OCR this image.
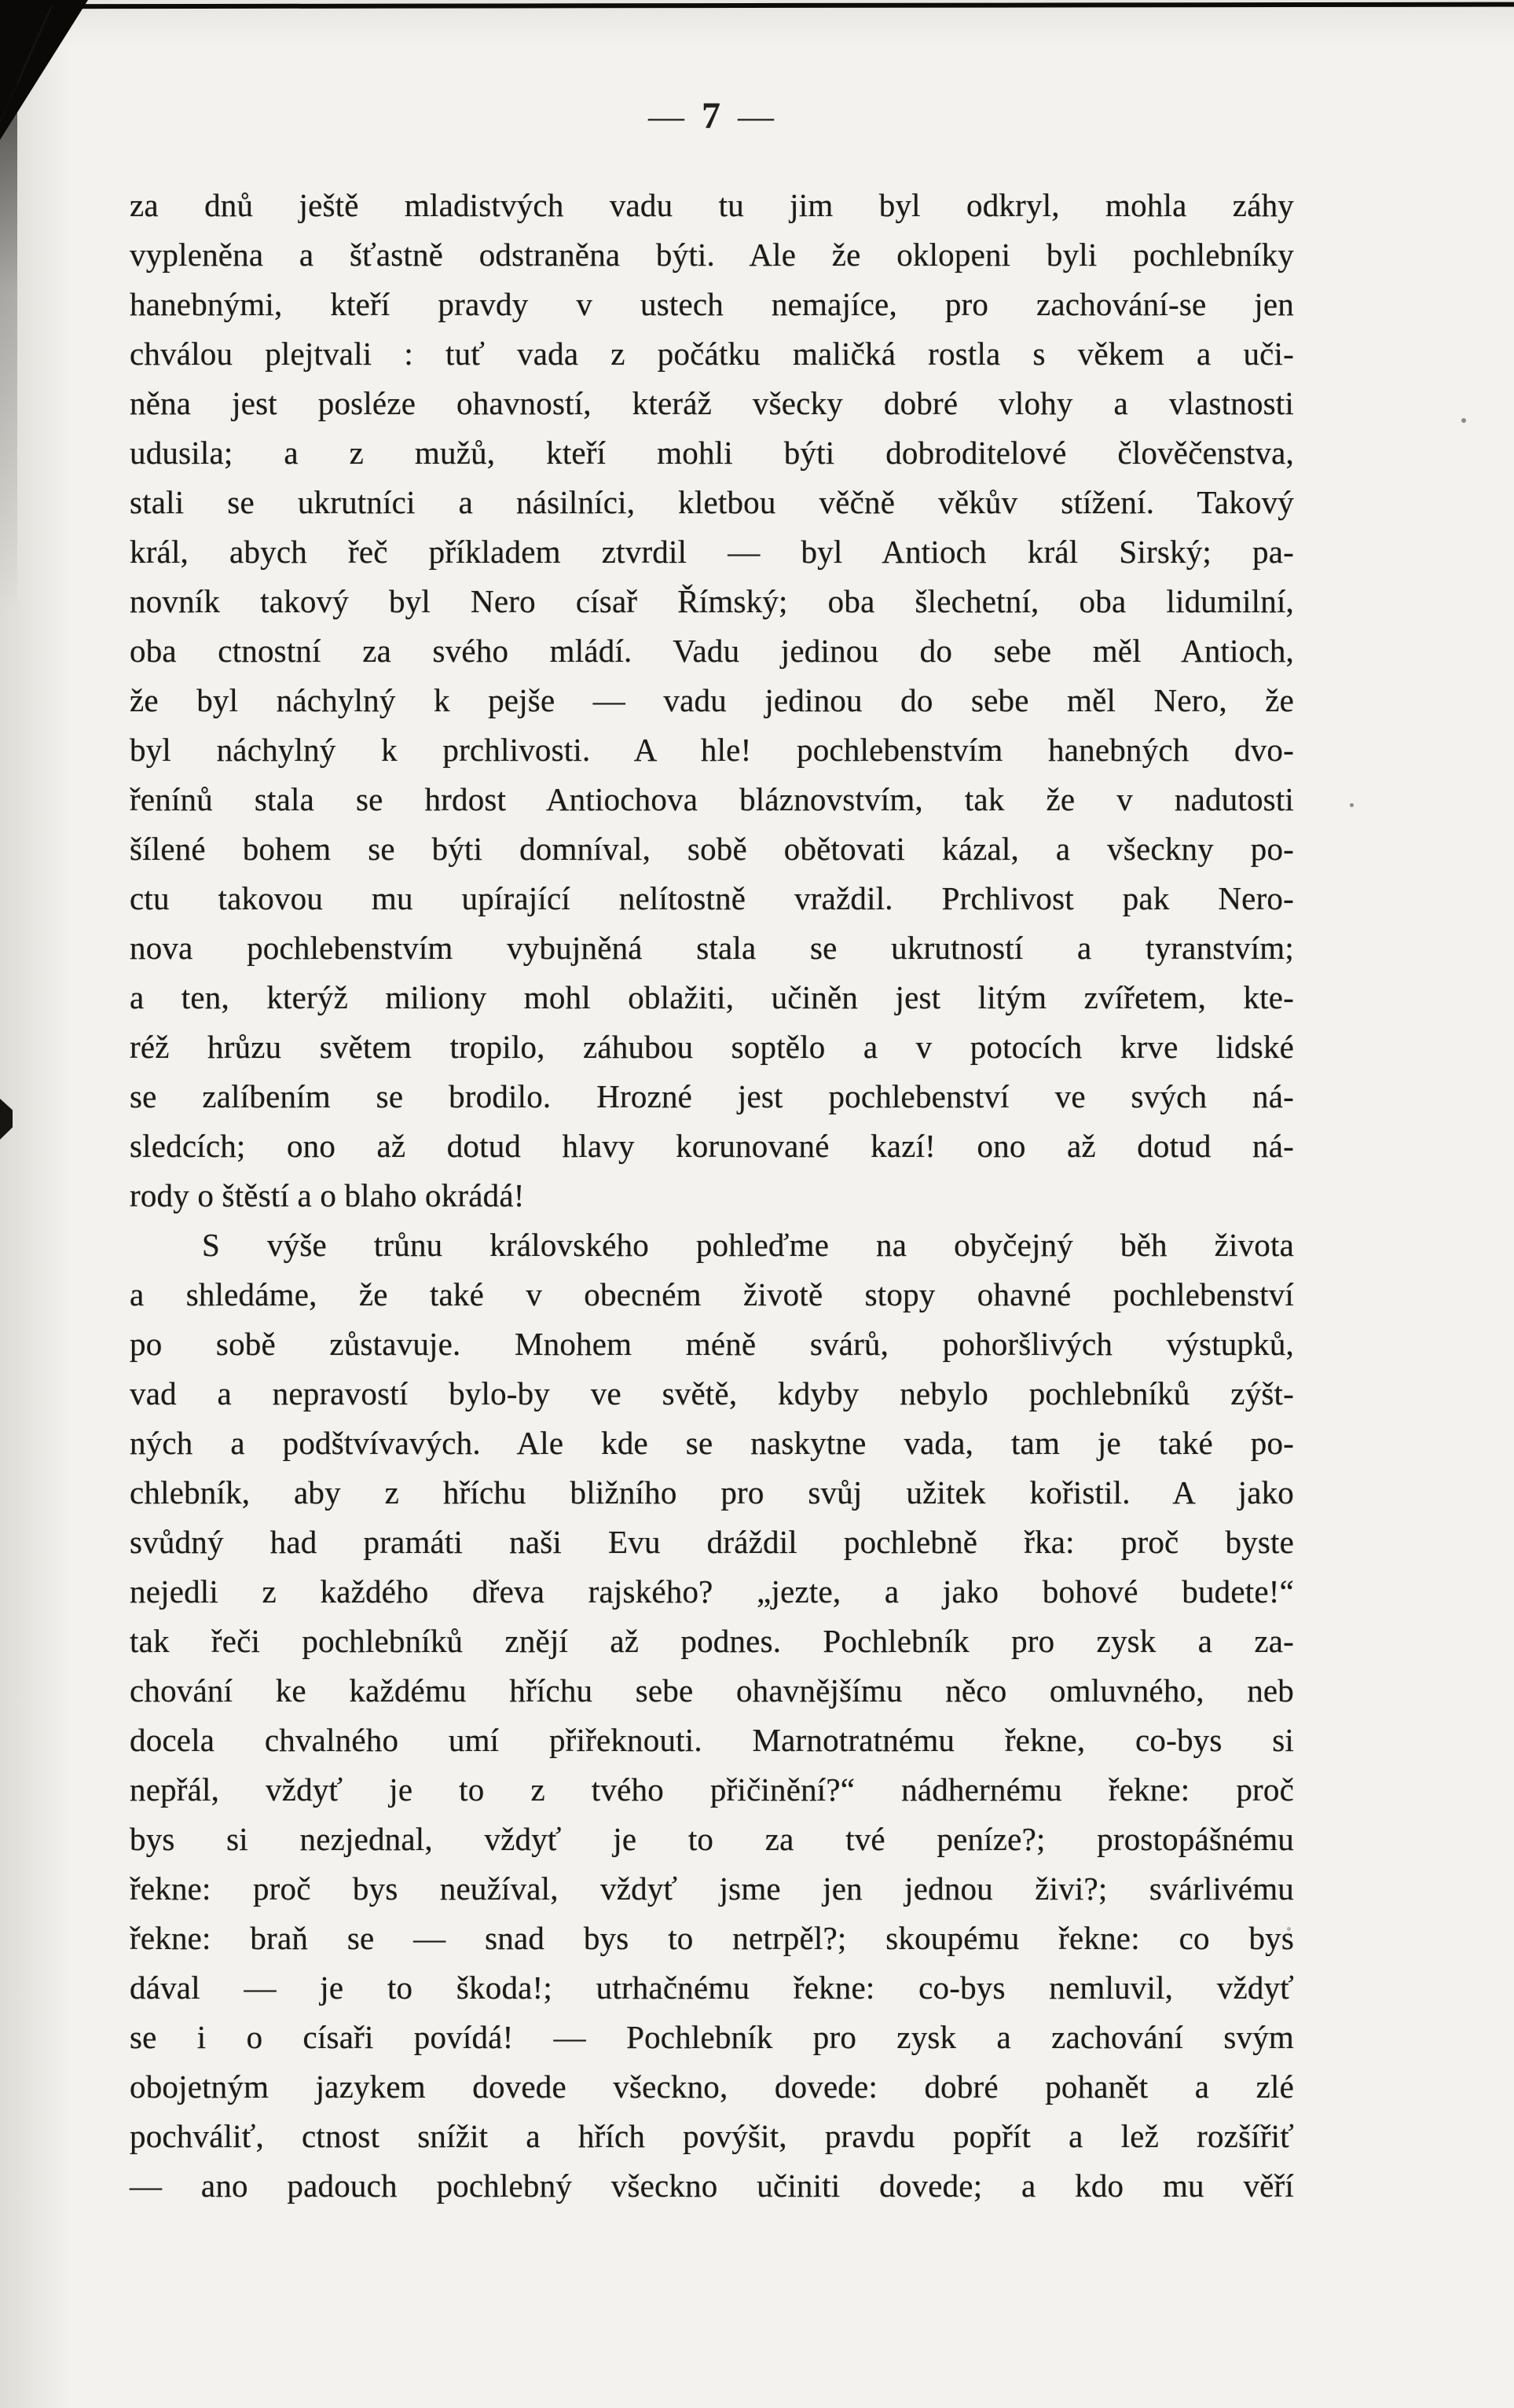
— 7 —
za dnů ještě mladistvých vadu tu jim byl odkryl, mohla záhy
vypleněna a šťastně odstraněna býti. Ale že oklopeni byli pochlebníky
hanebnými, kteří pravdy v ustech nemajíce, pro zachování-se jen
chválou plejtvali : tuť vada z počátku maličká rostla s věkem a uči-
něna jest posléze ohavností, kteráž všecky dobré vlohy a vlastnosti
udusila; a z mužů, kteří mohli býti dobroditelové člověčenstva,
stali se ukrutníci a násilníci, kletbou věčně věkův stížení. Takový
král, abych řeč příkladem ztvrdil — byl Antioch král Sirský; pa-
novník takový byl Nero císař Římský; oba šlechetní, oba lidumilní,
oba ctnostní za svého mládí. Vadu jedinou do sebe měl Antioch,
že byl náchylný k pejše — vadu jedinou do sebe měl Nero, že
byl náchylný k prchlivosti. A hle! pochlebenstvím hanebných dvo-
řenínů stala se hrdost Antiochova bláznovstvím, tak že v nadutosti
šílené bohem se býti domníval, sobě obětovati kázal, a všeckny po-
ctu takovou mu upírající nelítostně vraždil. Prchlivost pak Nero-
nova pochlebenstvím vybujněná stala se ukrutností a tyranstvím;
a ten, kterýž miliony mohl oblažiti, učiněn jest litým zvířetem, kte-
réž hrůzu světem tropilo, záhubou soptělo a v potocích krve lidské
se zalíbením se brodilo. Hrozné jest pochlebenství ve svých ná-
sledcích; ono až dotud hlavy korunované kazí! ono až dotud ná-
rody o štěstí a o blaho okrádá!
S výše trůnu královského pohleďme na obyčejný běh života
a shledáme, že také v obecném životě stopy ohavné pochlebenství
po sobě zůstavuje. Mnohem méně svárů, pohoršlivých výstupků,
vad a nepravostí bylo-by ve světě, kdyby nebylo pochlebníků zýšt-
ných a podštvívavých. Ale kde se naskytne vada, tam je také po-
chlebník, aby z hříchu bližního pro svůj užitek kořistil. A jako
svůdný had pramáti naši Evu dráždil pochlebně řka: proč byste
nejedli z každého dřeva rajského? „jezte, a jako bohové budete!“
tak řeči pochlebníků znějí až podnes. Pochlebník pro zysk a za-
chování ke každému hříchu sebe ohavnějšímu něco omluvného, neb
docela chvalného umí přiřeknouti. Marnotratnému řekne, co-bys si
nepřál, vždyť je to z tvého přičinění?“ nádhernému řekne: proč
bys si nezjednal, vždyť je to za tvé peníze?; prostopášnému
řekne: proč bys neužíval, vždyť jsme jen jednou živi?; svárlivému
řekne: braň se — snad bys to netrpěl?; skoupému řekne: co bys
dával — je to škoda!; utrhačnému řekne: co-bys nemluvil, vždyť
se i o císaři povídá! — Pochlebník pro zysk a zachování svým
obojetným jazykem dovede všeckno, dovede: dobré pohanět a zlé
pochváliť, ctnost snížit a hřích povýšit, pravdu popřít a lež rozšířiť
— ano padouch pochlebný všeckno učiniti dovede; a kdo mu věří
